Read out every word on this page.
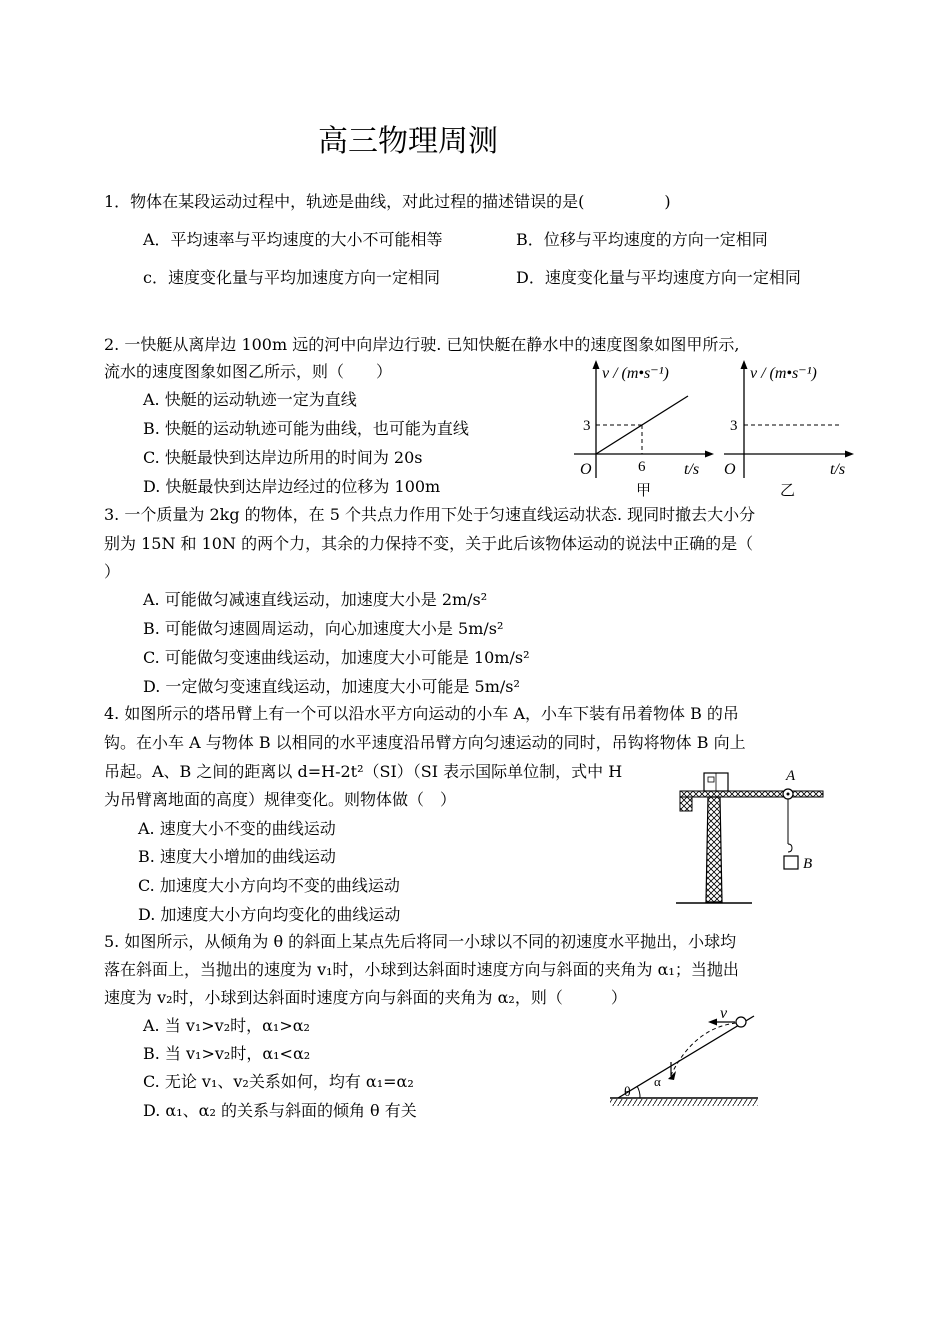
高三物理周测
1．物体在某段运动过程中，轨迹是曲线，对此过程的描述错误的是(　　　　　)
A．平均速率与平均速度的大小不可能相等	B．位移与平均速度的方向一定相同
c．速度变化量与平均加速度方向一定相同	D．速度变化量与平均速度方向一定相同
2. 一快艇从离岸边 100m 远的河中向岸边行驶. 已知快艇在静水中的速度图象如图甲所示,
流水的速度图象如图乙所示，则（　　）
A. 快艇的运动轨迹一定为直线
B. 快艇的运动轨迹可能为曲线，也可能为直线
C. 快艇最快到达岸边所用的时间为 20s
D. 快艇最快到达岸边经过的位移为 100m
v / (m•s⁻¹)
3
O	6 t/s
甲
v / (m•s⁻¹)
3
O	t/s
乙
3. 一个质量为 2kg 的物体，在 5 个共点力作用下处于匀速直线运动状态. 现同时撤去大小分
别为 15N 和 10N 的两个力，其余的力保持不变，关于此后该物体运动的说法中正确的是（
）
A. 可能做匀减速直线运动，加速度大小是 2m/s²
B. 可能做匀速圆周运动，向心加速度大小是 5m/s²
C. 可能做匀变速曲线运动，加速度大小可能是 10m/s²
D. 一定做匀变速直线运动，加速度大小可能是 5m/s²
4. 如图所示的塔吊臂上有一个可以沿水平方向运动的小车 A，小车下装有吊着物体 B 的吊
钩。在小车 A 与物体 B 以相同的水平速度沿吊臂方向匀速运动的同时，吊钩将物体 B 向上
吊起。A、B 之间的距离以 d=H-2t²（SI）（SI 表示国际单位制，式中 H
为吊臂离地面的高度）规律变化。则物体做（　）
A. 速度大小不变的曲线运动
B. 速度大小增加的曲线运动
C. 加速度大小方向均不变的曲线运动
D. 加速度大小方向均变化的曲线运动
A
B
5. 如图所示，从倾角为 θ 的斜面上某点先后将同一小球以不同的初速度水平抛出，小球均
落在斜面上，当抛出的速度为 v₁时，小球到达斜面时速度方向与斜面的夹角为 α₁；当抛出
速度为 v₂时，小球到达斜面时速度方向与斜面的夹角为 α₂，则（　　　）
A. 当 v₁>v₂时，α₁>α₂
B. 当 v₁>v₂时，α₁<α₂
C. 无论 v₁、v₂关系如何，均有 α₁=α₂
D. α₁、α₂ 的关系与斜面的倾角 θ 有关
θ
v
α
